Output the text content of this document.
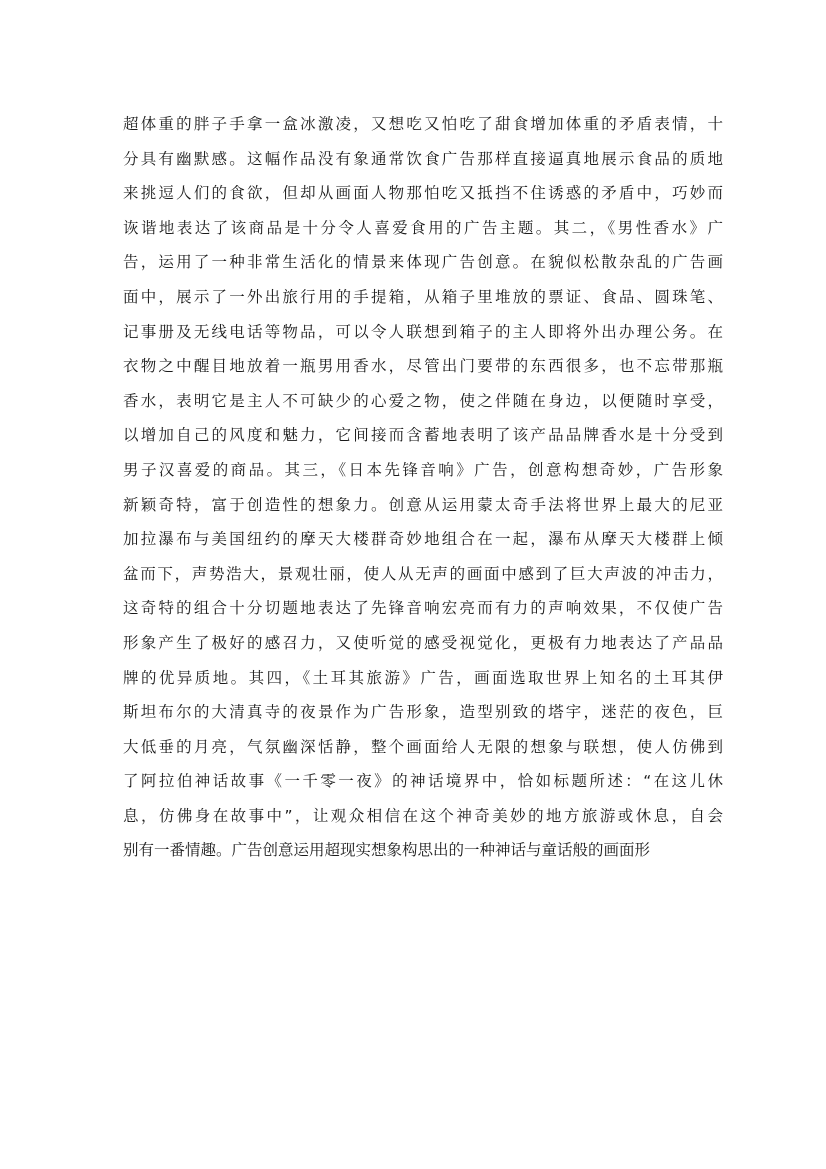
超体重的胖子手拿一盒冰激凌，又想吃又怕吃了甜食增加体重的矛盾表情，十
分具有幽默感。这幅作品没有象通常饮食广告那样直接逼真地展示食品的质地
来挑逗人们的食欲，但却从画面人物那怕吃又抵挡不住诱惑的矛盾中，巧妙而
诙谐地表达了该商品是十分令人喜爱食用的广告主题。其二，《男性香水》广
告，运用了一种非常生活化的情景来体现广告创意。在貌似松散杂乱的广告画
面中，展示了一外出旅行用的手提箱，从箱子里堆放的票证、食品、圆珠笔、
记事册及无线电话等物品，可以令人联想到箱子的主人即将外出办理公务。在
衣物之中醒目地放着一瓶男用香水，尽管出门要带的东西很多，也不忘带那瓶
香水，表明它是主人不可缺少的心爱之物，使之伴随在身边，以便随时享受，
以增加自己的风度和魅力，它间接而含蓄地表明了该产品品牌香水是十分受到
男子汉喜爱的商品。其三，《日本先锋音响》广告，创意构想奇妙，广告形象
新颖奇特，富于创造性的想象力。创意从运用蒙太奇手法将世界上最大的尼亚
加拉瀑布与美国纽约的摩天大楼群奇妙地组合在一起，瀑布从摩天大楼群上倾
盆而下，声势浩大，景观壮丽，使人从无声的画面中感到了巨大声波的冲击力，
这奇特的组合十分切题地表达了先锋音响宏亮而有力的声响效果，不仅使广告
形象产生了极好的感召力，又使听觉的感受视觉化，更极有力地表达了产品品
牌的优异质地。其四，《土耳其旅游》广告，画面选取世界上知名的土耳其伊
斯坦布尔的大清真寺的夜景作为广告形象，造型别致的塔宇，迷茫的夜色，巨
大低垂的月亮，气氛幽深恬静，整个画面给人无限的想象与联想，使人仿佛到
了阿拉伯神话故事《一千零一夜》的神话境界中，恰如标题所述：“在这儿休
息，仿佛身在故事中”，让观众相信在这个神奇美妙的地方旅游或休息，自会
别有一番情趣。广告创意运用超现实想象构思出的一种神话与童话般的画面形
